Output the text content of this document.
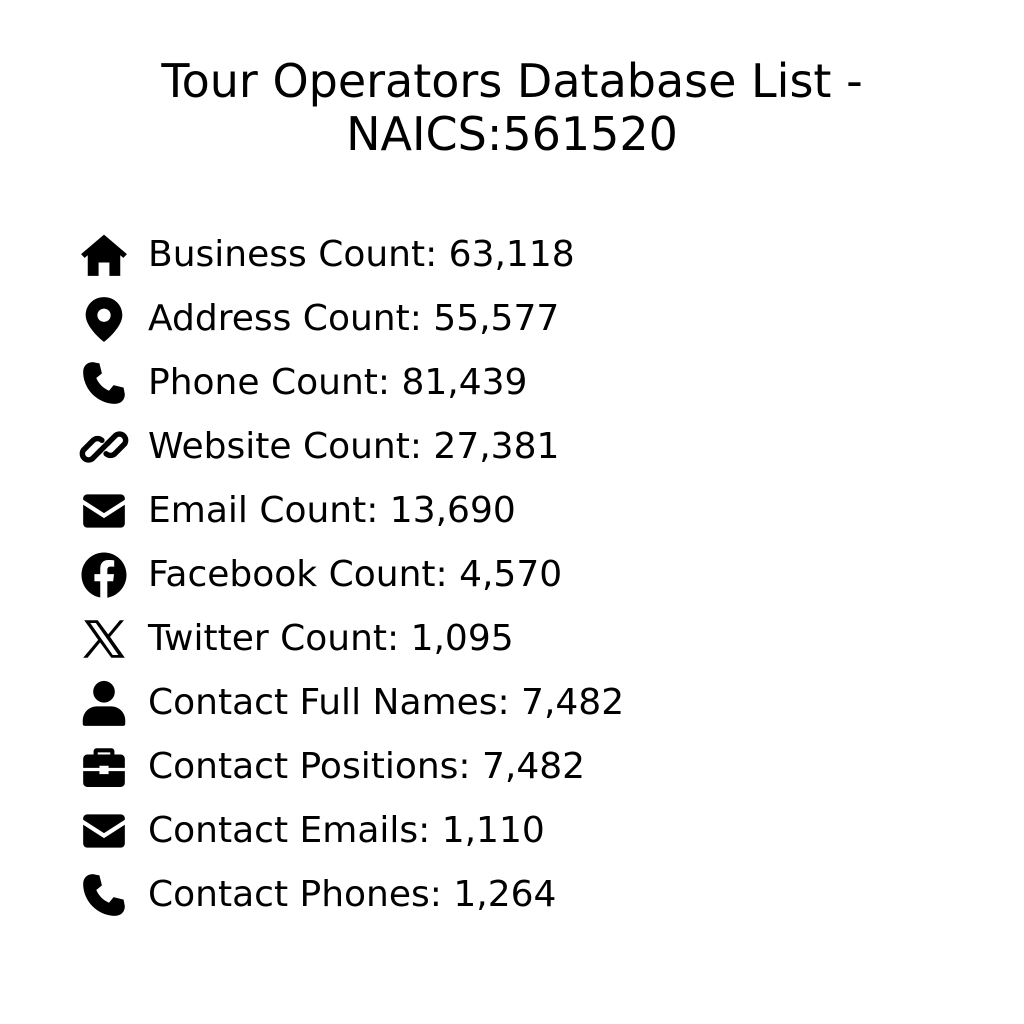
Tour Operators Database List -
NAICS:561520
Business Count: 63,118
Address Count: 55,577
Phone Count: 81,439
Website Count: 27,381
Email Count: 13,690
Facebook Count: 4,570
Twitter Count: 1,095
Contact Full Names: 7,482
Contact Positions: 7,482
Contact Emails: 1,110
Contact Phones: 1,264
